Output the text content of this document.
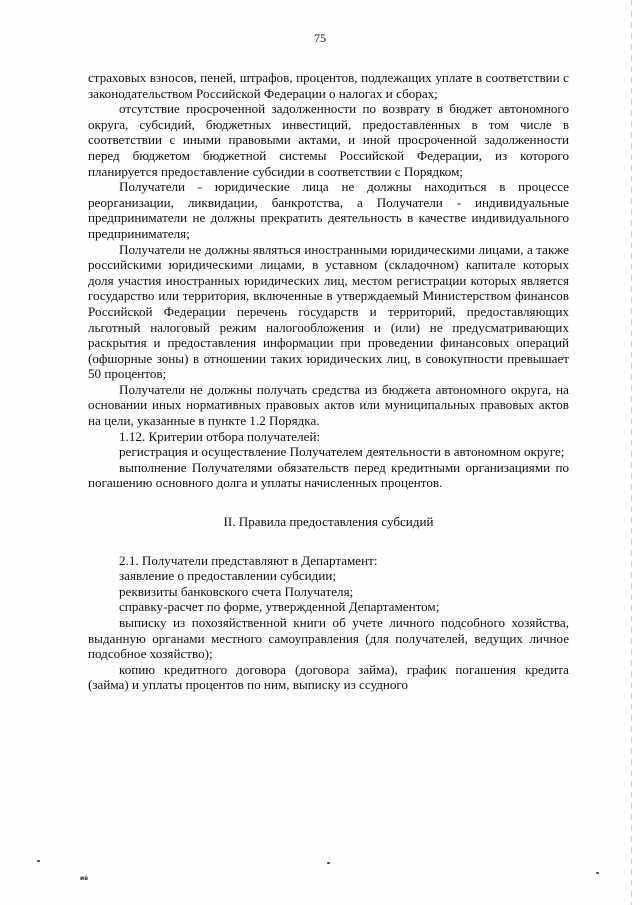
75

страховых взносов, пеней, штрафов, процентов, подлежащих уплате в соответствии с законодательством Российской Федерации о налогах и сборах;

отсутствие просроченной задолженности по возврату в бюджет автономного округа, субсидий, бюджетных инвестиций, предоставленных в том числе в соответствии с иными правовыми актами, и иной просроченной задолженности перед бюджетом бюджетной системы Российской Федерации, из которого планируется предоставление субсидии в соответствии с Порядком;

Получатели - юридические лица не должны находиться в процессе реорганизации, ликвидации, банкротства, а Получатели - индивидуальные предприниматели не должны прекратить деятельность в качестве индивидуального предпринимателя;

Получатели не должны являться иностранными юридическими лицами, а также российскими юридическими лицами, в уставном (складочном) капитале которых доля участия иностранных юридических лиц, местом регистрации которых является государство или территория, включенные в утверждаемый Министерством финансов Российской Федерации перечень государств и территорий, предоставляющих льготный налоговый режим налогообложения и (или) не предусматривающих раскрытия и предоставления информации при проведении финансовых операций (офшорные зоны) в отношении таких юридических лиц, в совокупности превышает 50 процентов;

Получатели не должны получать средства из бюджета автономного округа, на основании иных нормативных правовых актов или муниципальных правовых актов на цели, указанные в пункте 1.2 Порядка.

1.12. Критерии отбора получателей:

регистрация и осуществление Получателем деятельности в автономном округе;

выполнение Получателями обязательств перед кредитными организациями по погашению основного долга и уплаты начисленных процентов.

II. Правила предоставления субсидий

2.1. Получатели представляют в Департамент:

заявление о предоставлении субсидии;

реквизиты банковского счета Получателя;

справку-расчет по форме, утвержденной Департаментом;

выписку из похозяйственной книги об учете личного подсобного хозяйства, выданную органами местного самоуправления (для получателей, ведущих личное подсобное хозяйство);

копию кредитного договора (договора займа), график погашения кредита (займа) и уплаты процентов по ним, выписку из ссудного

ив
